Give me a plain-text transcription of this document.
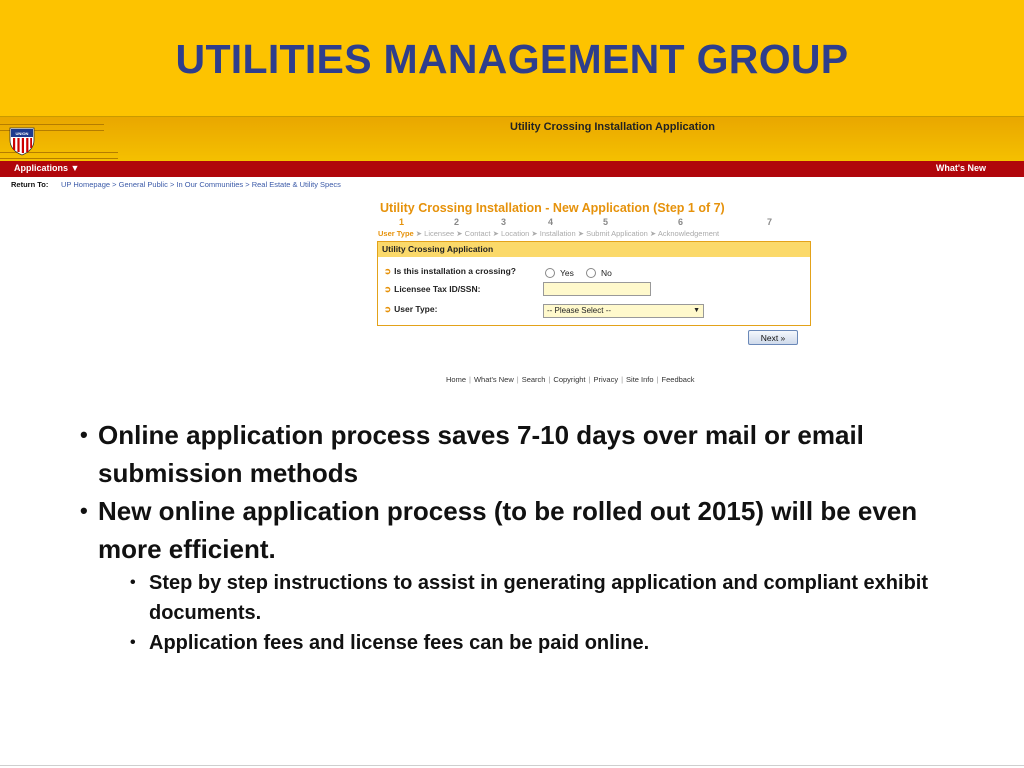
UTILITIES MANAGEMENT GROUP
UNION
Utility Crossing Installation Application
Applications ▼	What's New
Return To: UP Homepage > General Public > In Our Communities > Real Estate & Utility Specs
Utility Crossing Installation - New Application (Step 1 of 7)
1	2	3	4	5	6	7
User Type ➤ Licensee ➤ Contact ➤ Location ➤ Installation ➤ Submit Application ➤ Acknowledgement
Utility Crossing Application
➲ Is this installation a crossing?	Yes	No
➲ Licensee Tax ID/SSN:
➲ User Type:	-- Please Select --	▼
Next »
Home | What's New | Search | Copyright | Privacy | Site Info | Feedback
• Online application process saves 7-10 days over mail or email submission methods
• New online application process (to be rolled out 2015) will be even more efficient.
• Step by step instructions to assist in generating application and compliant exhibit documents.
• Application fees and license fees can be paid online.
